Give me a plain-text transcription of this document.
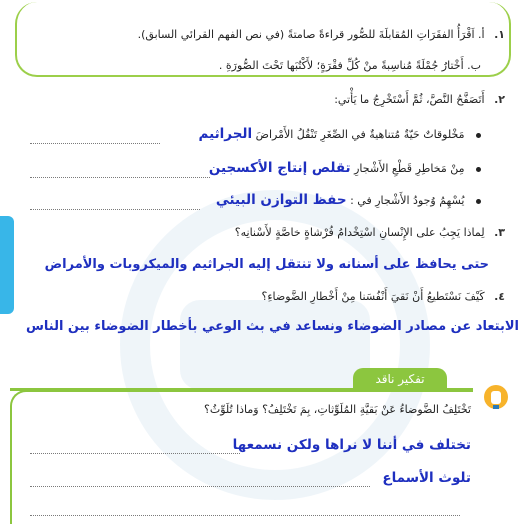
١. أ. اَقْرَأُ الفقَرَاتِ المُقابلَةَ للصُّور قراءةً صامتةً (في نص الفهم القرائي السابق).
ب. أَخْتارُ جُمْلَةً مُناسِبةً منْ كُلِّ فقْرَةٍ؛ لأَكْتُبَها تَحْتَ الصُّورَةِ .
٢. أَتَصَفَّحُ النَّصَّ، ثُمَّ أَسْتَخْرِجُ ما يَأْتي:
مَخْلوقاتٌ حَيّةٌ مُتناهيةٌ في الصِّغَرِ تَنْقُلُ الأَمْراضَ الجراثيم
مِنْ مَخاطِرِ قَطْعِ الأَشْجارِ تقلص إنتاج الأكسجين
يُسْهِمُ وُجودُ الأَشْجارِ في : حفظ التوازن البيئي
٣. لِماذا يَجِبُ على الإِنْسانِ اسْتِخْدامُ فُرْشاةٍ خاصَّةٍ لأَسْنانِه؟
حتى يحافظ على أسنانه ولا تنتقل إليه الجراثيم والميكروبات والأمراض
٤. كَيْفَ نَسْتَطيعُ أَنْ نَقيَ أَنْفُسَنا مِنْ أَخْطارِ الضَّوضاءِ؟
الابتعاد عن مصادر الضوضاء ونساعد في بث الوعي بأخطار الضوضاء بين الناس
تفكير ناقد
تَخْتَلِفُ الضَّوضاءُ عَنْ بَقيَّةِ المُلَوِّثاتِ، بِمَ تَخْتَلِفُ؟ وَماذا تُلَوِّثُ؟
تختلف في أننا لا نراها ولكن نسمعها
تلوث الأسماع
